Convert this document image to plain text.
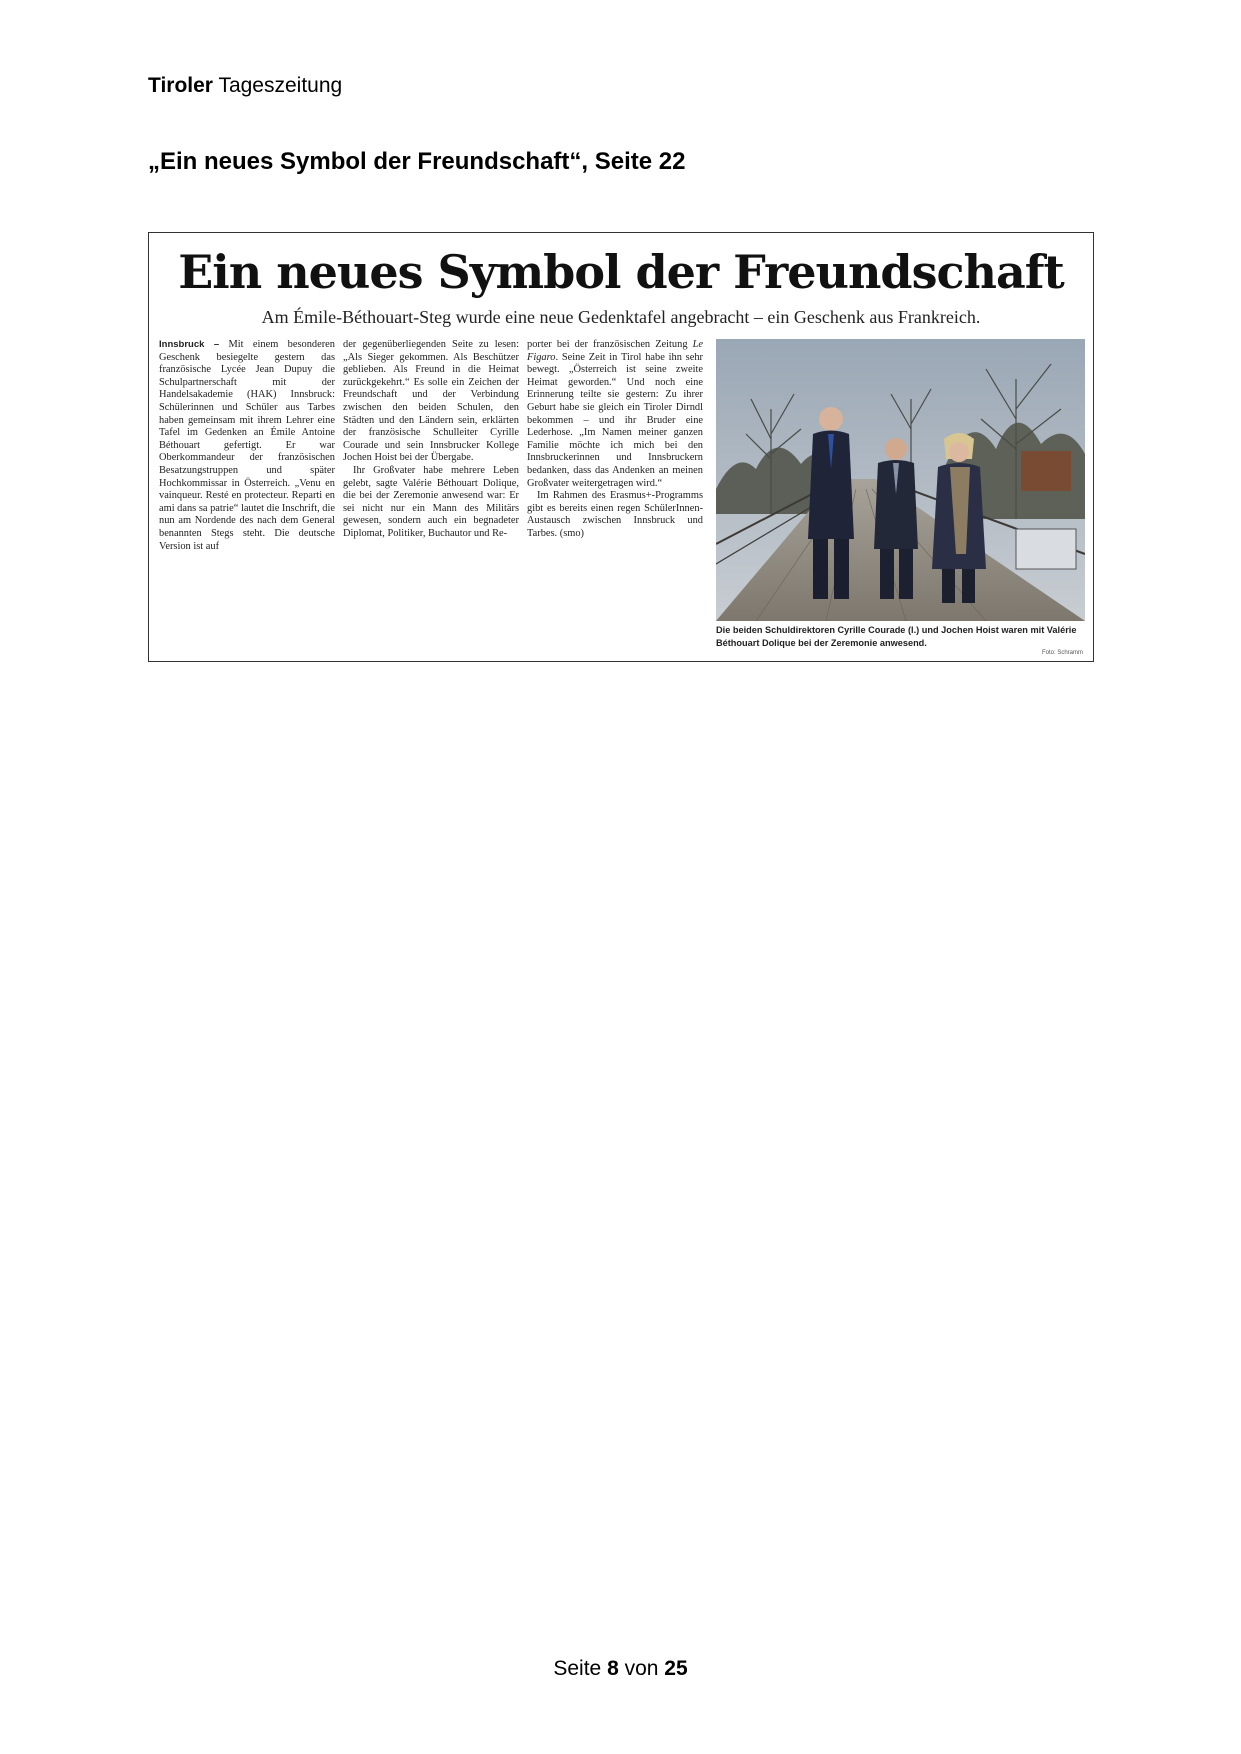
Tiroler Tageszeitung
„Ein neues Symbol der Freundschaft“, Seite 22
Ein neues Symbol der Freundschaft
Am Émile-Béthouart-Steg wurde eine neue Gedenktafel angebracht – ein Geschenk aus Frankreich.

Innsbruck – Mit einem besonderen Geschenk besiegelte gestern das französische Lycée Jean Dupuy die Schulpartnerschaft mit der Handelsakademie (HAK) Innsbruck: Schülerinnen und Schüler aus Tarbes haben gemeinsam mit ihrem Lehrer eine Tafel im Gedenken an Émile Antoine Béthouart gefertigt. Er war Oberkommandeur der französischen Besatzungstruppen und später Hochkommissar in Österreich. „Venu en vainqueur. Resté en protecteur. Reparti en ami dans sa patrie“ lautet die Inschrift, die nun am Nordende des nach dem General benannten Stegs steht. Die deutsche Version ist auf

der gegenüberliegenden Seite zu lesen: „Als Sieger gekommen. Als Beschützer geblieben. Als Freund in die Heimat zurückgekehrt.“ Es solle ein Zeichen der Freundschaft und der Verbindung zwischen den beiden Schulen, den Städten und den Ländern sein, erklärten der französische Schulleiter Cyrille Courade und sein Innsbrucker Kollege Jochen Hoist bei der Übergabe.

Ihr Großvater habe mehrere Leben gelebt, sagte Valérie Béthouart Dolique, die bei der Zeremonie anwesend war: Er sei nicht nur ein Mann des Militärs gewesen, sondern auch ein begnadeter Diplomat, Politiker, Buchautor und Re-

porter bei der französischen Zeitung Le Figaro. Seine Zeit in Tirol habe ihn sehr bewegt. „Österreich ist seine zweite Heimat geworden.“ Und noch eine Erinnerung teilte sie gestern: Zu ihrer Geburt habe sie gleich ein Tiroler Dirndl bekommen – und ihr Bruder eine Lederhose. „Im Namen meiner ganzen Familie möchte ich mich bei den Innsbruckerinnen und Innsbruckern bedanken, dass das Andenken an meinen Großvater weitergetragen wird.“

Im Rahmen des Erasmus+-Programms gibt es bereits einen regen SchülerInnen-Austausch zwischen Innsbruck und Tarbes. (smo)

Die beiden Schuldirektoren Cyrille Courade (l.) und Jochen Hoist waren mit Valérie Béthouart Dolique bei der Zeremonie anwesend.
Foto: Schramm
Seite 8 von 25
